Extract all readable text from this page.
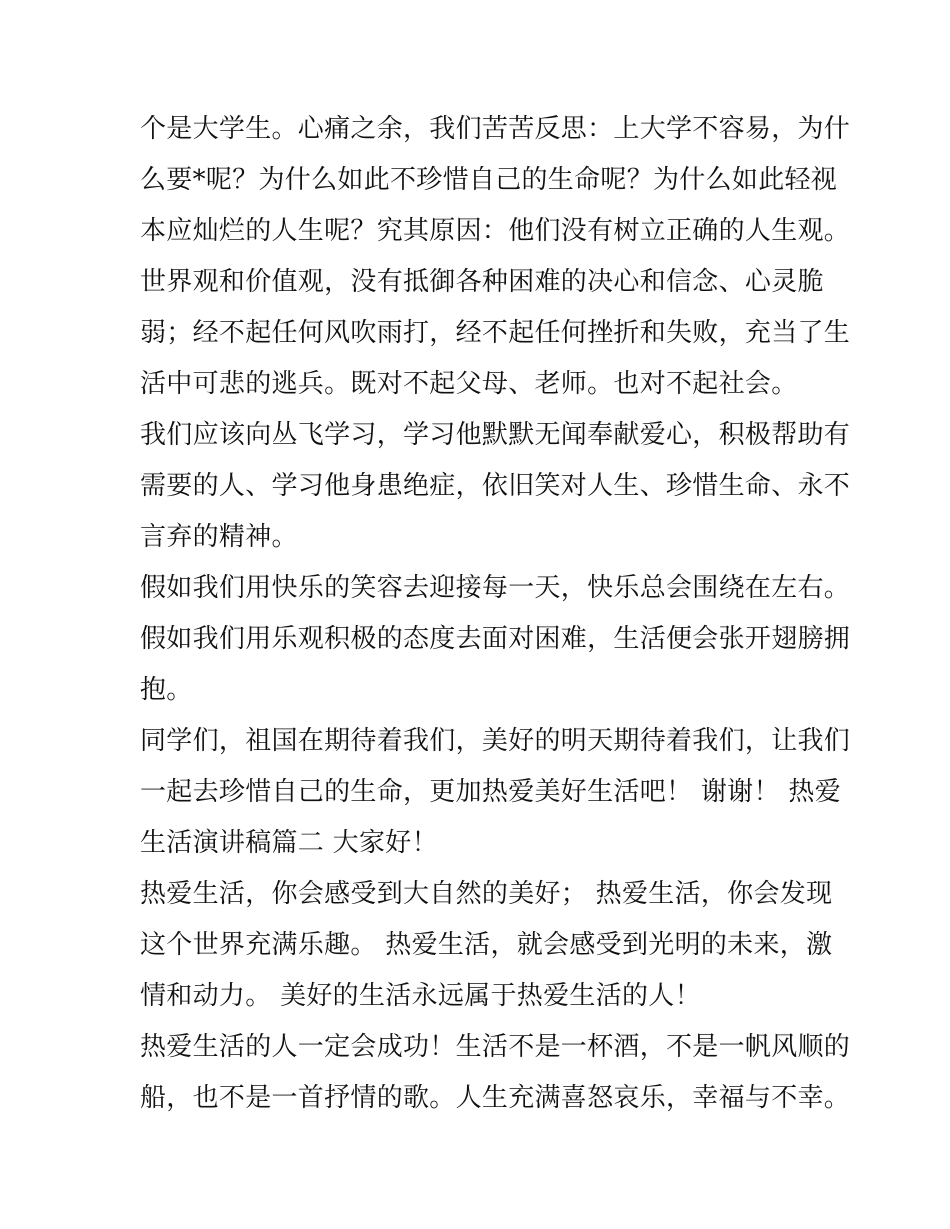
个是大学生。心痛之余，我们苦苦反思：上大学不容易，为什
么要*呢？为什么如此不珍惜自己的生命呢？为什么如此轻视
本应灿烂的人生呢？究其原因：他们没有树立正确的人生观。
世界观和价值观，没有抵御各种困难的决心和信念、心灵脆
弱；经不起任何风吹雨打，经不起任何挫折和失败，充当了生
活中可悲的逃兵。既对不起父母、老师。也对不起社会。
我们应该向丛飞学习，学习他默默无闻奉献爱心，积极帮助有
需要的人、学习他身患绝症，依旧笑对人生、珍惜生命、永不
言弃的精神。
假如我们用快乐的笑容去迎接每一天，快乐总会围绕在左右。
假如我们用乐观积极的态度去面对困难，生活便会张开翅膀拥
抱。
同学们，祖国在期待着我们，美好的明天期待着我们，让我们
一起去珍惜自己的生命，更加热爱美好生活吧！ 谢谢！ 热爱
生活演讲稿篇二 大家好！
热爱生活，你会感受到大自然的美好； 热爱生活，你会发现
这个世界充满乐趣。 热爱生活，就会感受到光明的未来，激
情和动力。 美好的生活永远属于热爱生活的人！
热爱生活的人一定会成功！生活不是一杯酒，不是一帆风顺的
船，也不是一首抒情的歌。人生充满喜怒哀乐，幸福与不幸。
